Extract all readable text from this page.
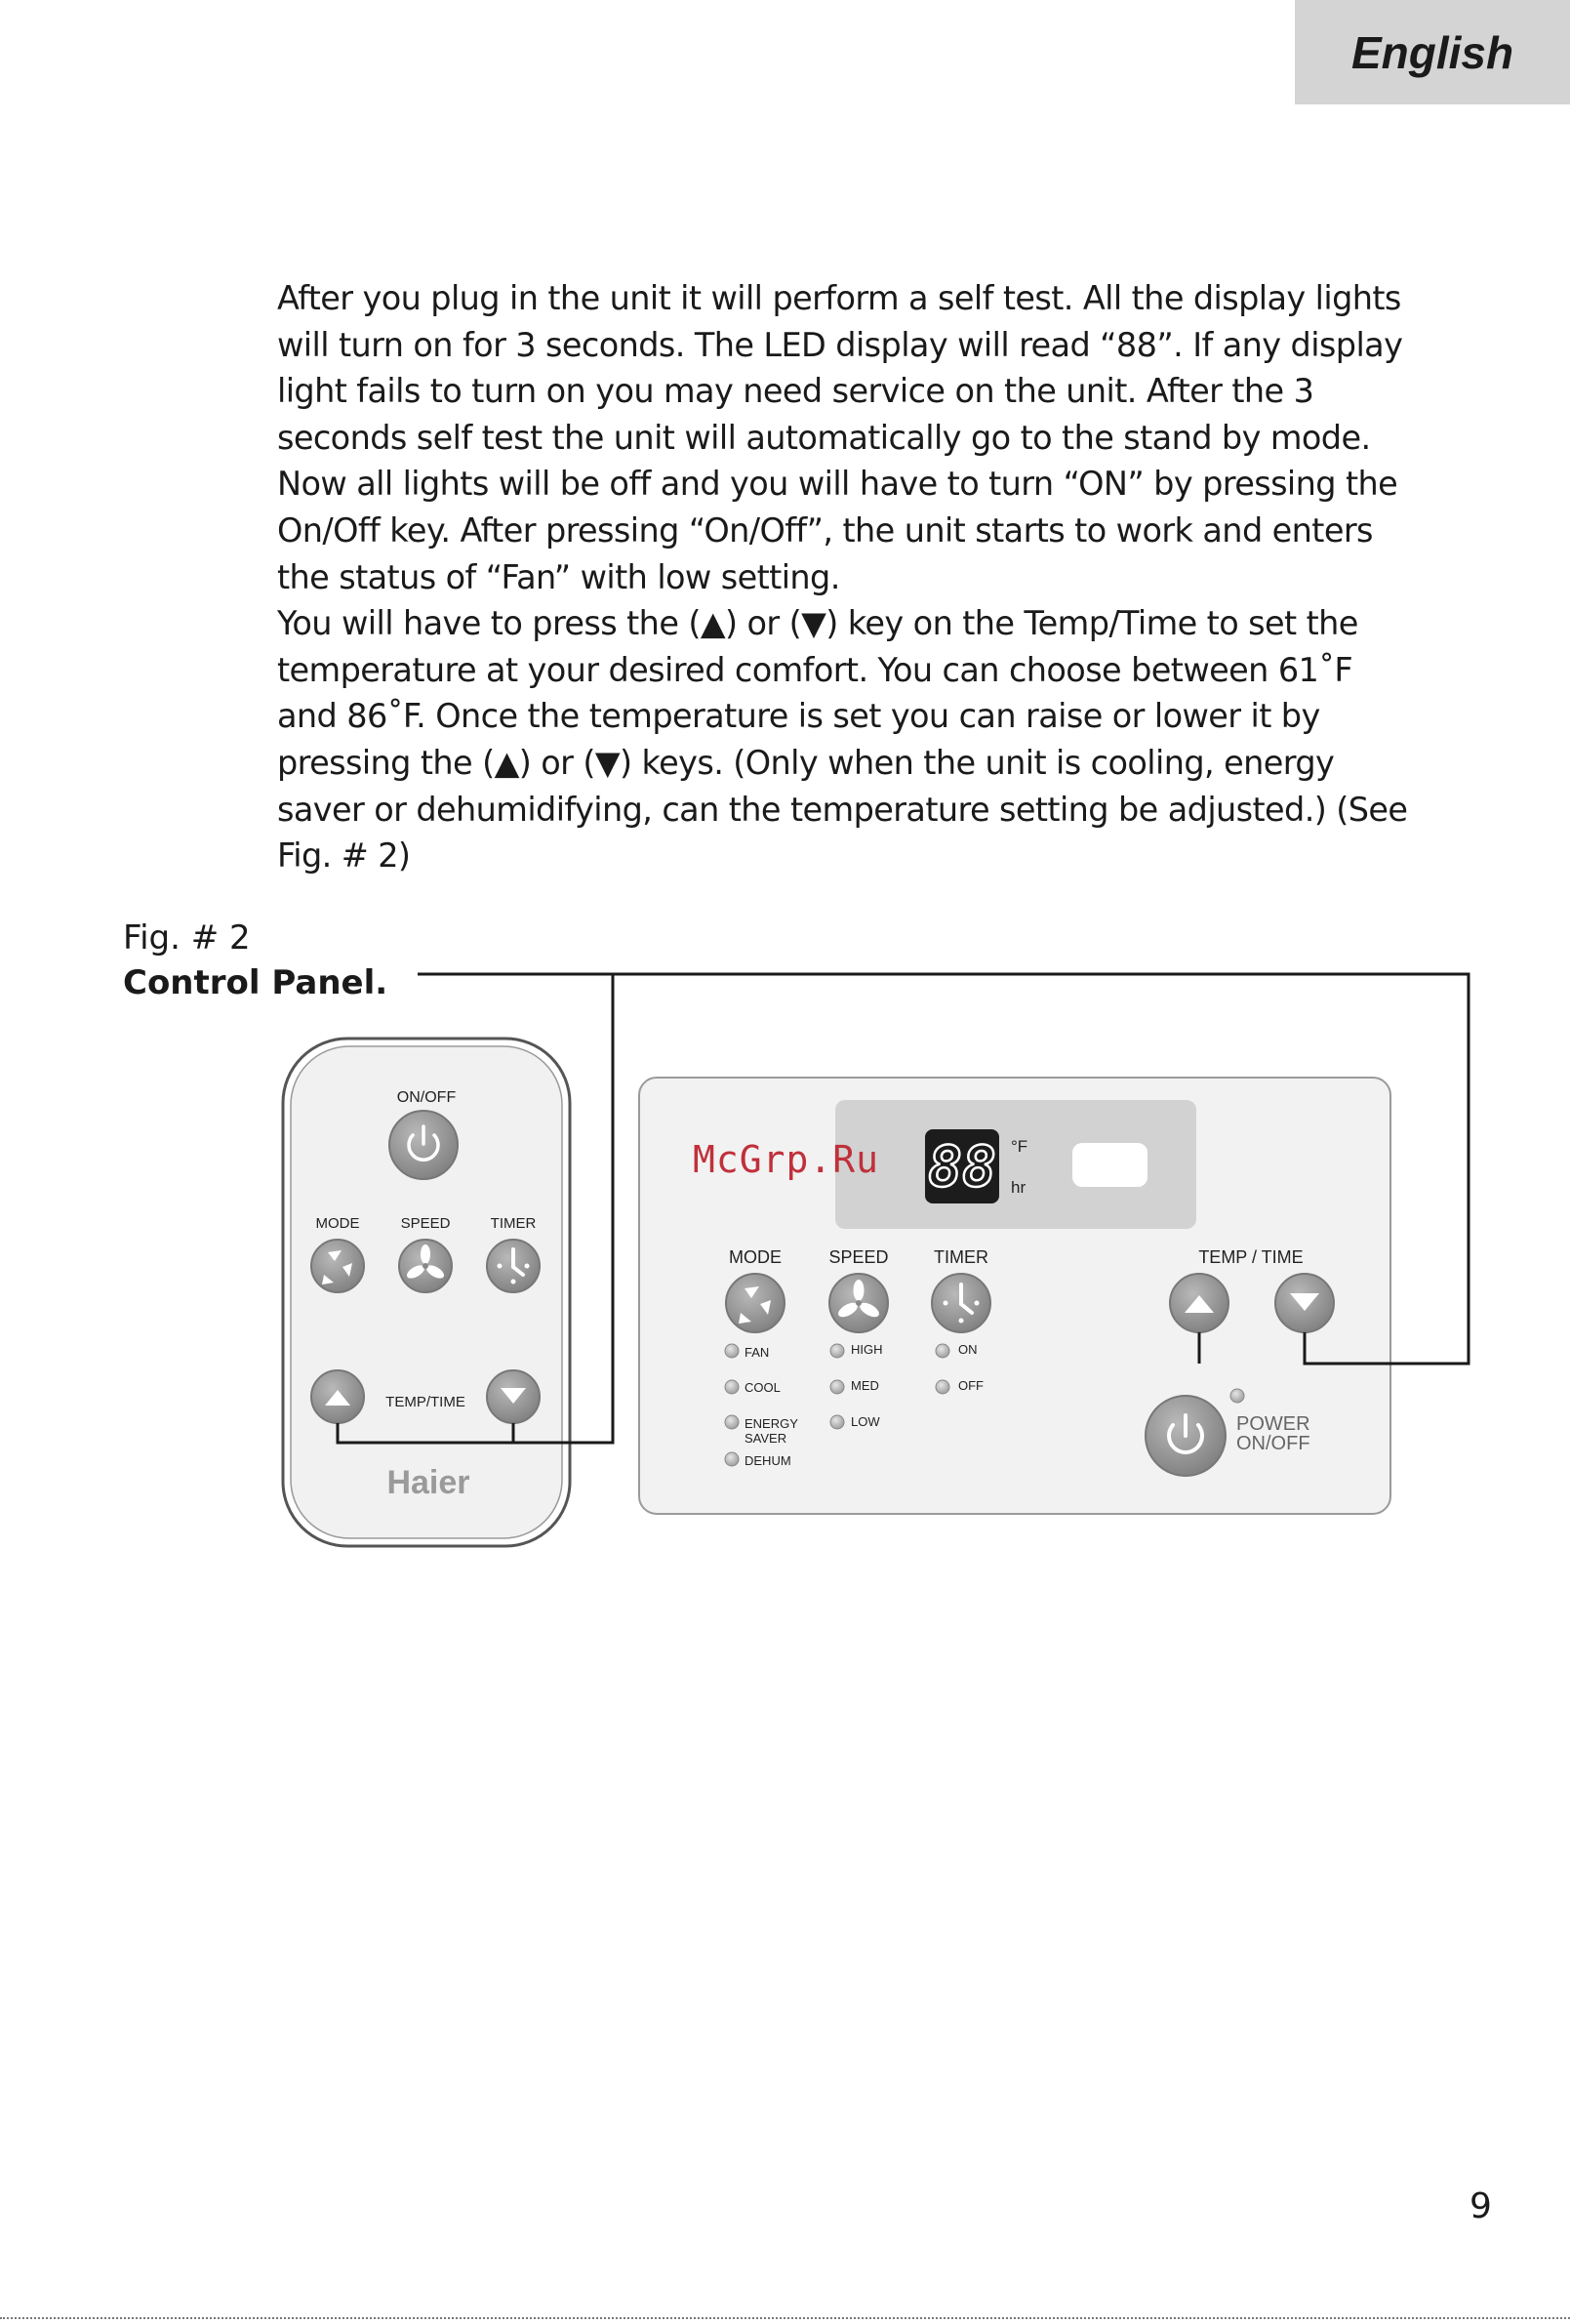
English

After you plug in the unit it will perform a self test. All the display lights will turn on for 3 seconds. The LED display will read “88”. If any display light fails to turn on you may need service on the unit. After the 3 seconds self test the unit will automatically go to the stand by mode. Now all lights will be off and you will have to turn “ON” by pressing the On/Off key. After pressing “On/Off”, the unit starts to work and enters the status of “Fan” with low setting.

You will have to press the (▲) or (▼) key on the Temp/Time to set the temperature at your desired comfort. You can choose between 61˚F and 86˚F. Once the temperature is set you can raise or lower it by pressing the (▲) or (▼) keys. (Only when the unit is cooling, energy saver or dehumidifying, can the temperature setting be adjusted.) (See Fig. # 2)

Fig. # 2
Control Panel.
ON/OFF
MODE	SPEED	TIMER
TEMP/TIME
Haier
88 °F
hr
MODE	SPEED	TIMER	TEMP / TIME
FAN
COOL
ENERGY
SAVER
DEHUM
HIGH
MED
LOW
ON
OFF
POWER
ON/OFF
McGrp.Ru
9
